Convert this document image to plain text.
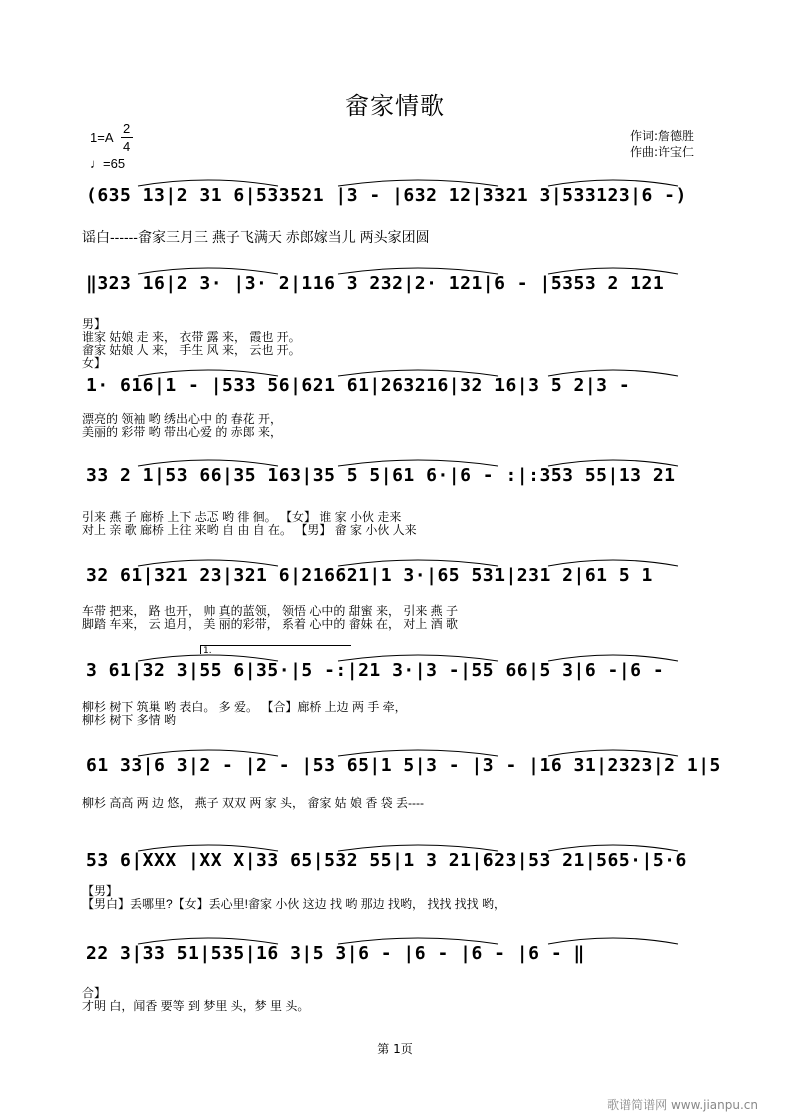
畲家情歌
1=A
2
4
♩=65
作词:詹德胜
作曲:许宝仁
(635 13|2 31 6|533521 |3 - |632 12|3321 3|533123|6 -)
谣白------畲家三月三 燕子飞满天 赤郎嫁当儿 两头家团圆
‖323 16|2 3· |3· 2|116 3 232|2· 121|6 - |5353 2 121
男】
谁家 姑娘 走 来， 衣带 露 来， 霞也 开。
畲家 姑娘 人 来， 手生 风 来， 云也 开。
女】
1· 616|1 - |533 56|621 61|263216|32 16|3 5 2|3 -
漂亮的 领袖 哟 绣出心中 的 春花 开，
美丽的 彩带 哟 带出心爱 的 赤郎 来，
33 2 1|53 66|35 163|35 5 5|61 6·|6 - :|:353 55|13 21
引来 燕 子 廊桥 上下 忐忑 哟 徘 徊。 【女】 谁 家 小伙 走来
对上 亲 歌 廊桥 上往 来哟 自 由 自 在。 【男】 畲 家 小伙 人来
32 61|321 23|321 6|216621|1 3·|65 531|231 2|61 5 1
车带 把来， 路 也开， 帅 真的蓝领， 领悟 心中的 甜蜜 来， 引来 燕 子
脚踏 车来， 云 追月， 美 丽的彩带， 系着 心中的 畲妹 在， 对上 酒 歌
3 61|32 3|55 6|35·|5 -:|21 3·|3 -|55 66|5 3|6 -|6 -
柳杉 树下 筑巢 哟 表白。 多 爱。 【合】廊桥 上边 两 手 牵，
柳杉 树下 多情 哟
61 33|6 3|2 - |2 - |53 65|1 5|3 - |3 - |16 31|2323|2 1|5
柳杉 高高 两 边 悠， 燕子 双双 两 家 头， 畲家 姑 娘 香 袋 丢----
53 6|XXX |XX X|33 65|532 55|1 3 21|623|53 21|565·|5·6
【男】
【男白】丢哪里?【女】丢心里!畲家 小伙 这边 找 哟 那边 找哟， 找找 找找 哟，
22 3|33 51|535|16 3|5 3|6 - |6 - |6 - |6 - ‖
合】
才明 白，闻香 要等 到 梦里 头，梦 里 头。
1.
第 1页
歌谱简谱网 www.jianpu.cn
